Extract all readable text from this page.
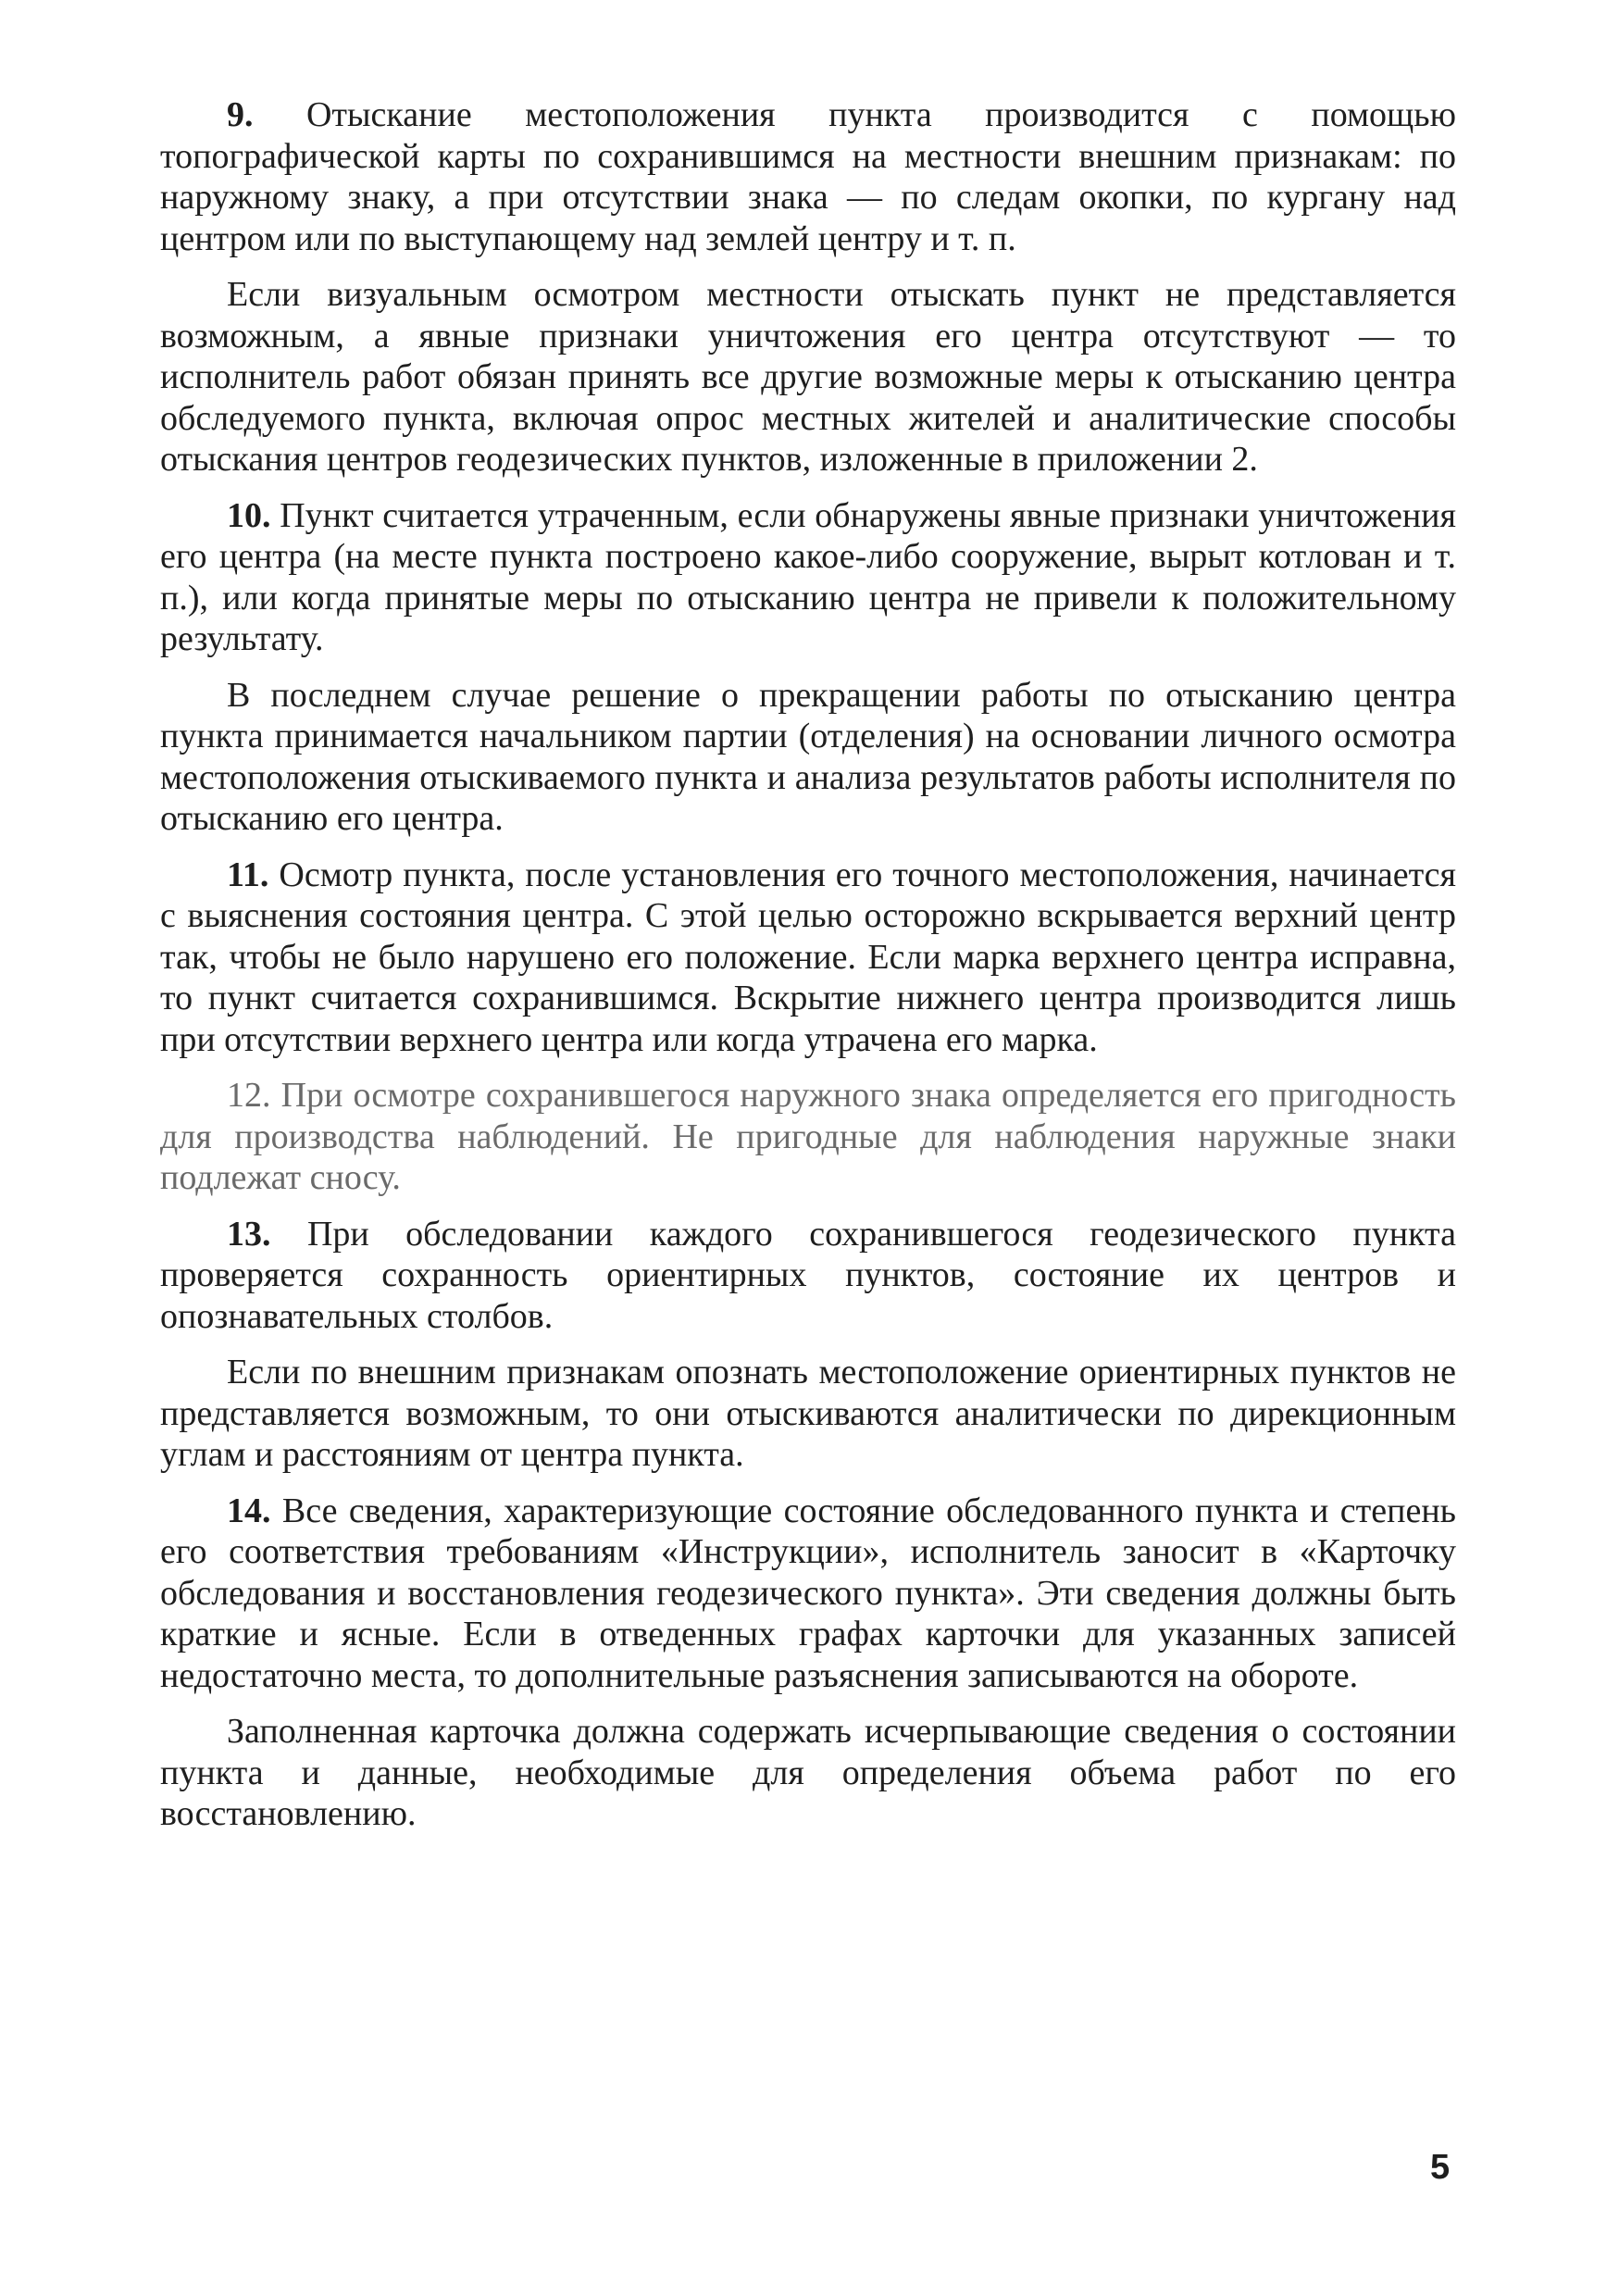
9. Отыскание местоположения пункта производится с помощью топографической карты по сохранившимся на местности внешним признакам: по наружному знаку, а при отсутствии знака — по следам окопки, по кургану над центром или по выступающему над землей центру и т. п.

Если визуальным осмотром местности отыскать пункт не представляется возможным, а явные признаки уничтожения его центра отсутствуют — то исполнитель работ обязан принять все другие возможные меры к отысканию центра обследуемого пункта, включая опрос местных жителей и аналитические способы отыскания центров геодезических пунктов, изложенные в приложении 2.

10. Пункт считается утраченным, если обнаружены явные признаки уничтожения его центра (на месте пункта построено какое-либо сооружение, вырыт котлован и т. п.), или когда принятые меры по отысканию центра не привели к положительному результату.

В последнем случае решение о прекращении работы по отысканию центра пункта принимается начальником партии (отделения) на основании личного осмотра местоположения отыскиваемого пункта и анализа результатов работы исполнителя по отысканию его центра.

11. Осмотр пункта, после установления его точного местоположения, начинается с выяснения состояния центра. С этой целью осторожно вскрывается верхний центр так, чтобы не было нарушено его положение. Если марка верхнего центра исправна, то пункт считается сохранившимся. Вскрытие нижнего центра производится лишь при отсутствии верхнего центра или когда утрачена его марка.

12. При осмотре сохранившегося наружного знака определяется его пригодность для производства наблюдений. Не пригодные для наблюдения наружные знаки подлежат сносу.

13. При обследовании каждого сохранившегося геодезического пункта проверяется сохранность ориентирных пунктов, состояние их центров и опознавательных столбов.

Если по внешним признакам опознать местоположение ориентирных пунктов не представляется возможным, то они отыскиваются аналитически по дирекционным углам и расстояниям от центра пункта.

14. Все сведения, характеризующие состояние обследованного пункта и степень его соответствия требованиям «Инструкции», исполнитель заносит в «Карточку обследования и восстановления геодезического пункта». Эти сведения должны быть краткие и ясные. Если в отведенных графах карточки для указанных записей недостаточно места, то дополнительные разъяснения записываются на обороте.

Заполненная карточка должна содержать исчерпывающие сведения о состоянии пункта и данные, необходимые для определения объема работ по его восстановлению.

5
